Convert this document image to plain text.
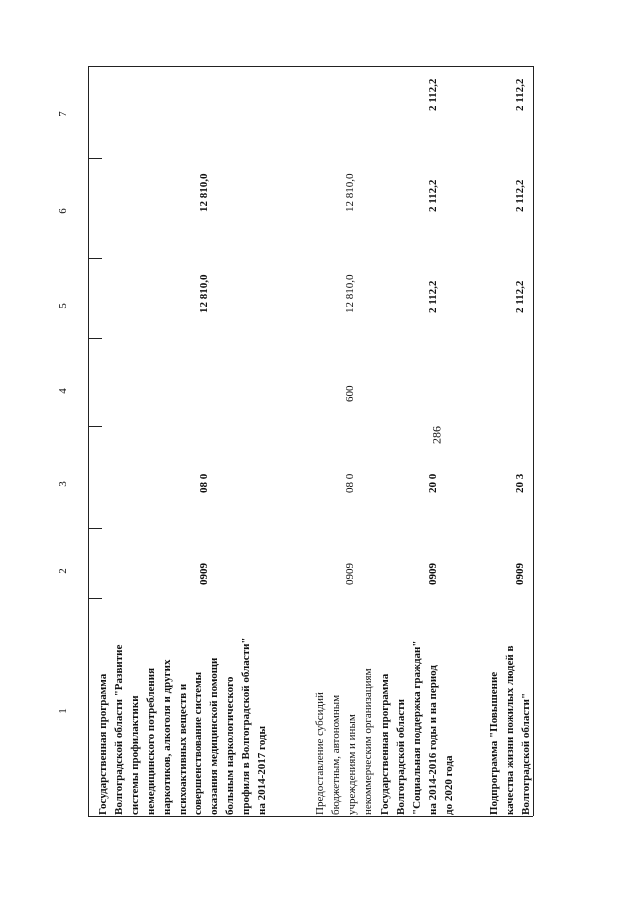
286
7
6
5
4
3
2
1	Государственная программа Волгоградской области "Развитие системы профилактики немедицинского потребления наркотиков, алкоголя и других психоактивных веществ и совершенствование системы оказания медицинской помощи больным наркологического профиля в Волгоградской области" на 2014-2017 годы
0909
08 0
12 810,0
12 810,0
Предоставление субсидий бюджетным, автономным учреждениям и иным некоммерческим организациям
0909
08 0
600
12 810,0
12 810,0
Государственная программа Волгоградской области "Социальная поддержка граждан" на 2014-2016 годы и на период до 2020 года
0909
20 0
2 112,2
2 112,2
2 112,2
Подпрограмма "Повышение качества жизни пожилых людей в Волгоградской области"
0909
20 3
2 112,2
2 112,2
2 112,2
